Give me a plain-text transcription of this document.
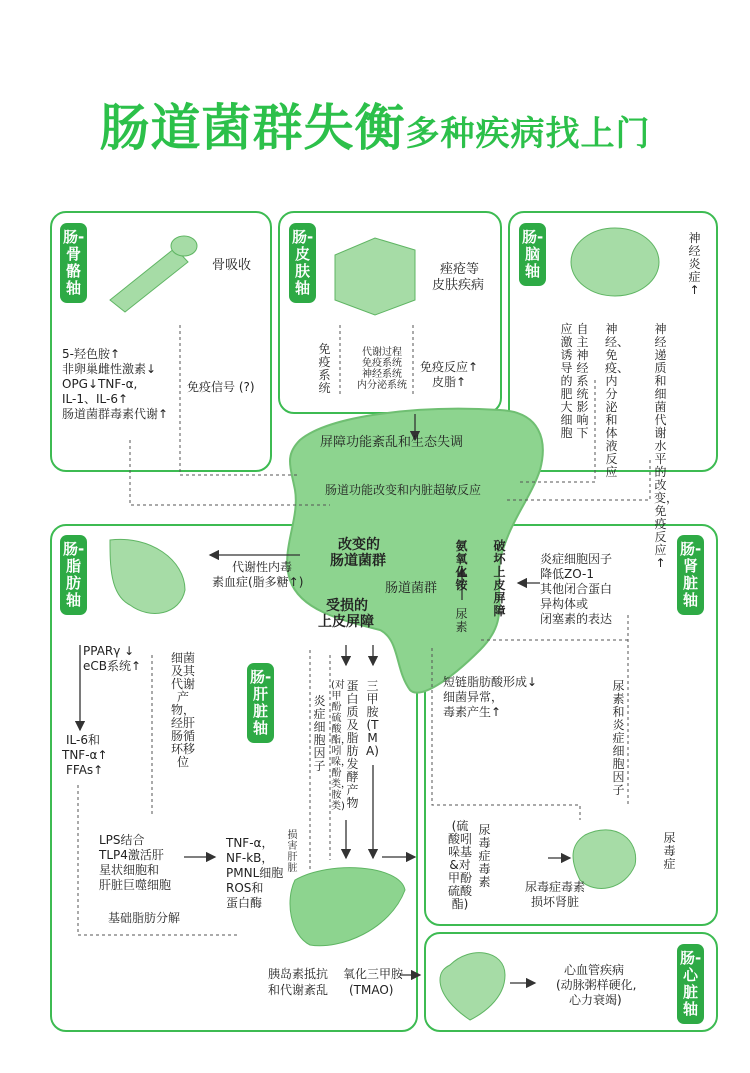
肠道菌群失衡多种疾病找上门
肠-骨骼轴
肠-皮肤轴
肠-脑轴
肠-脂肪轴
肠-肝脏轴
肠-肾脏轴
肠-心脏轴
骨吸收
5-羟色胺↑
非卵巢雌性激素↓
OPG↓TNF-α,
IL-1、IL-6↑
肠道菌群毒素代谢↑
免疫信号 (?)
痤疮等
皮肤疾病
免疫系统
代谢过程
免疫系统
神经系统
内分泌系统
免疫反应↑
皮脂↑
神经炎症↑
应激诱导的肥大细胞
自主神经系统影响下
神经、免疫、内分泌和体液反应
神经递质和细菌代谢水平的改变，免疫反应↑
屏障功能紊乱和生态失调
肠道功能改变和内脏超敏反应
改变的
肠道菌群
肠道菌群
受损的
上皮屏障
氨氧化铵
破坏上皮屏障
尿素
代谢性内毒
素血症(脂多糖↑)
PPARγ ↓
eCB系统↑
IL-6和
TNF-α↑
FFAs↑
细菌及其代谢产物，经肝肠循环移位
LPS结合
TLP4激活肝
星状细胞和
肝脏巨噬细胞
TNF-α，
NF-kB，
PMNL细胞
ROS和
蛋白酶
损害肝脏
基础脂肪分解
胰岛素抵抗
和代谢紊乱
氧化三甲胺
(TMAO)
炎症细胞因子
蛋白质及脂肪发酵产物
(对甲酚硫酸酯，吲哚，酚类，胺类)
三甲胺(TMA)
炎症细胞因子
降低ZO-1
其他闭合蛋白
异构体或
闭塞素的表达
短链脂肪酸形成↓
细菌异常，
毒素产生↑
尿素和炎症细胞因子
尿毒症
尿毒症毒素
(硫酸吲哚基&对甲酚硫酸酯)
尿毒症毒素
损坏肾脏
心血管疾病
(动脉粥样硬化,
心力衰竭)
